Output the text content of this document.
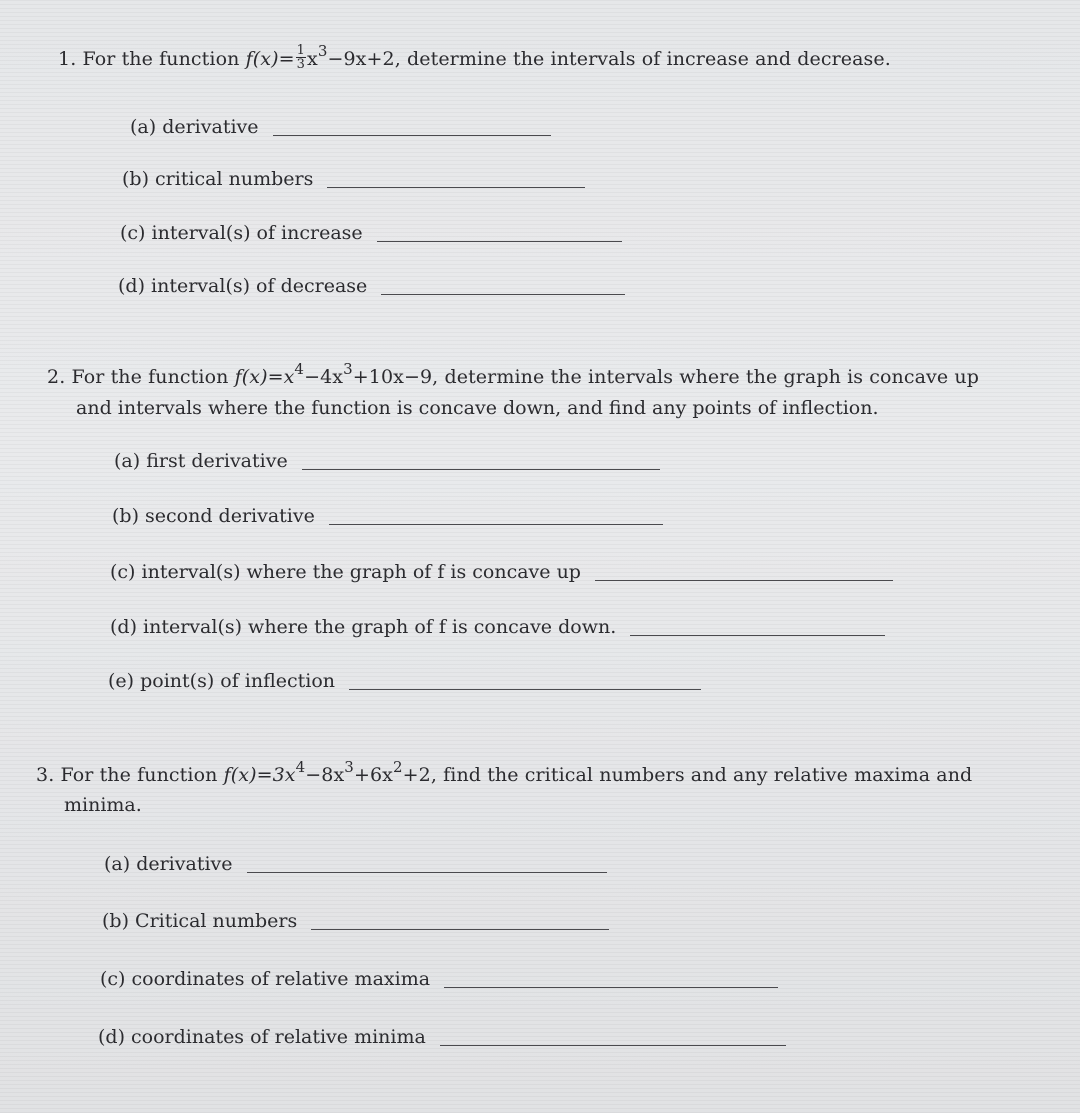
1. For the function $f(x)= \frac{1}{3} x^3-9x+2$, determine the intervals of increase and decrease.
(a) derivative
(b) critical numbers
(c) interval(s) of increase
(d) interval(s) of decrease
2. For the function $f(x)=x^4-4x^3+10x-9$, determine the intervals where the graph is concave up
and intervals where the function is concave down, and find any points of inflection.
(a) first derivative
(b) second derivative
(c) interval(s) where the graph of f is concave up
(d) interval(s) where the graph of f is concave down.
(e) point(s) of inflection
3. For the function $f(x)=3x^4-8x^3+6x^2+2$, find the critical numbers and any relative maxima and
minima.
(a) derivative
(b) Critical numbers
(c) coordinates of relative maxima
(d) coordinates of relative minima
